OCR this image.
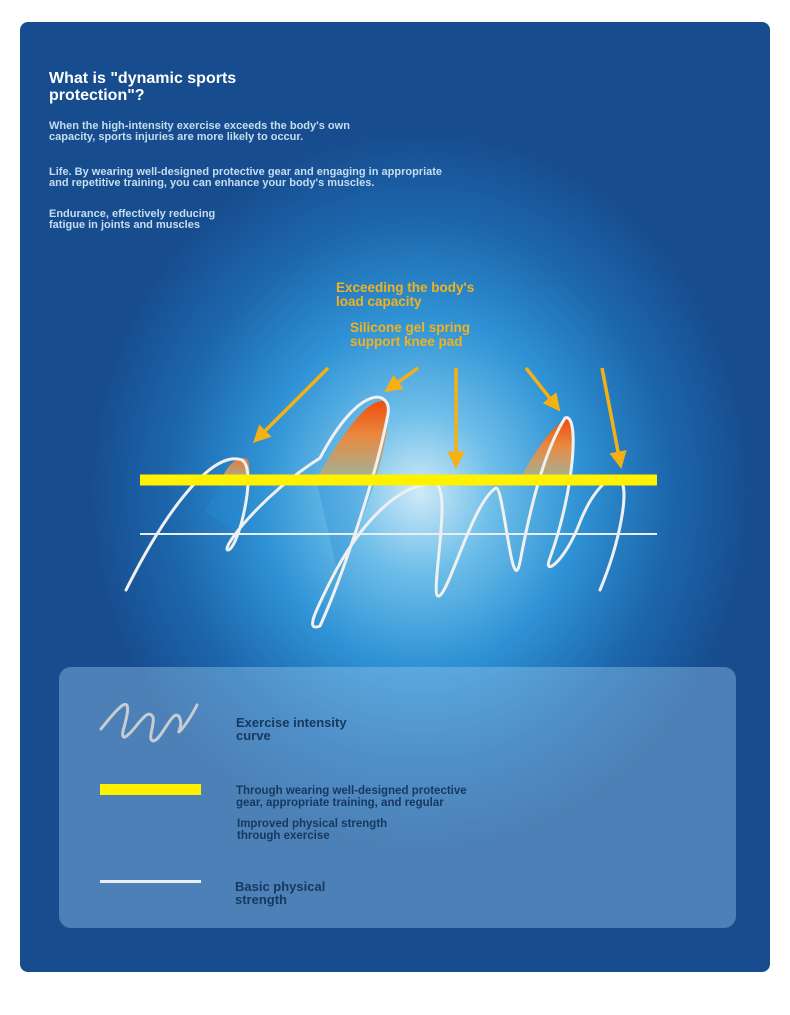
What is "dynamic sports
protection"?

When the high-intensity exercise exceeds the body's own
capacity, sports injuries are more likely to occur.

Life. By wearing well-designed protective gear and engaging in appropriate
and repetitive training, you can enhance your body's muscles.

Endurance, effectively reducing
fatigue in joints and muscles

Exceeding the body's
load capacity

Silicone gel spring
support knee pad

Exercise intensity
curve

Through wearing well-designed protective
gear, appropriate training, and regular

Improved physical strength
through exercise

Basic physical
strength
